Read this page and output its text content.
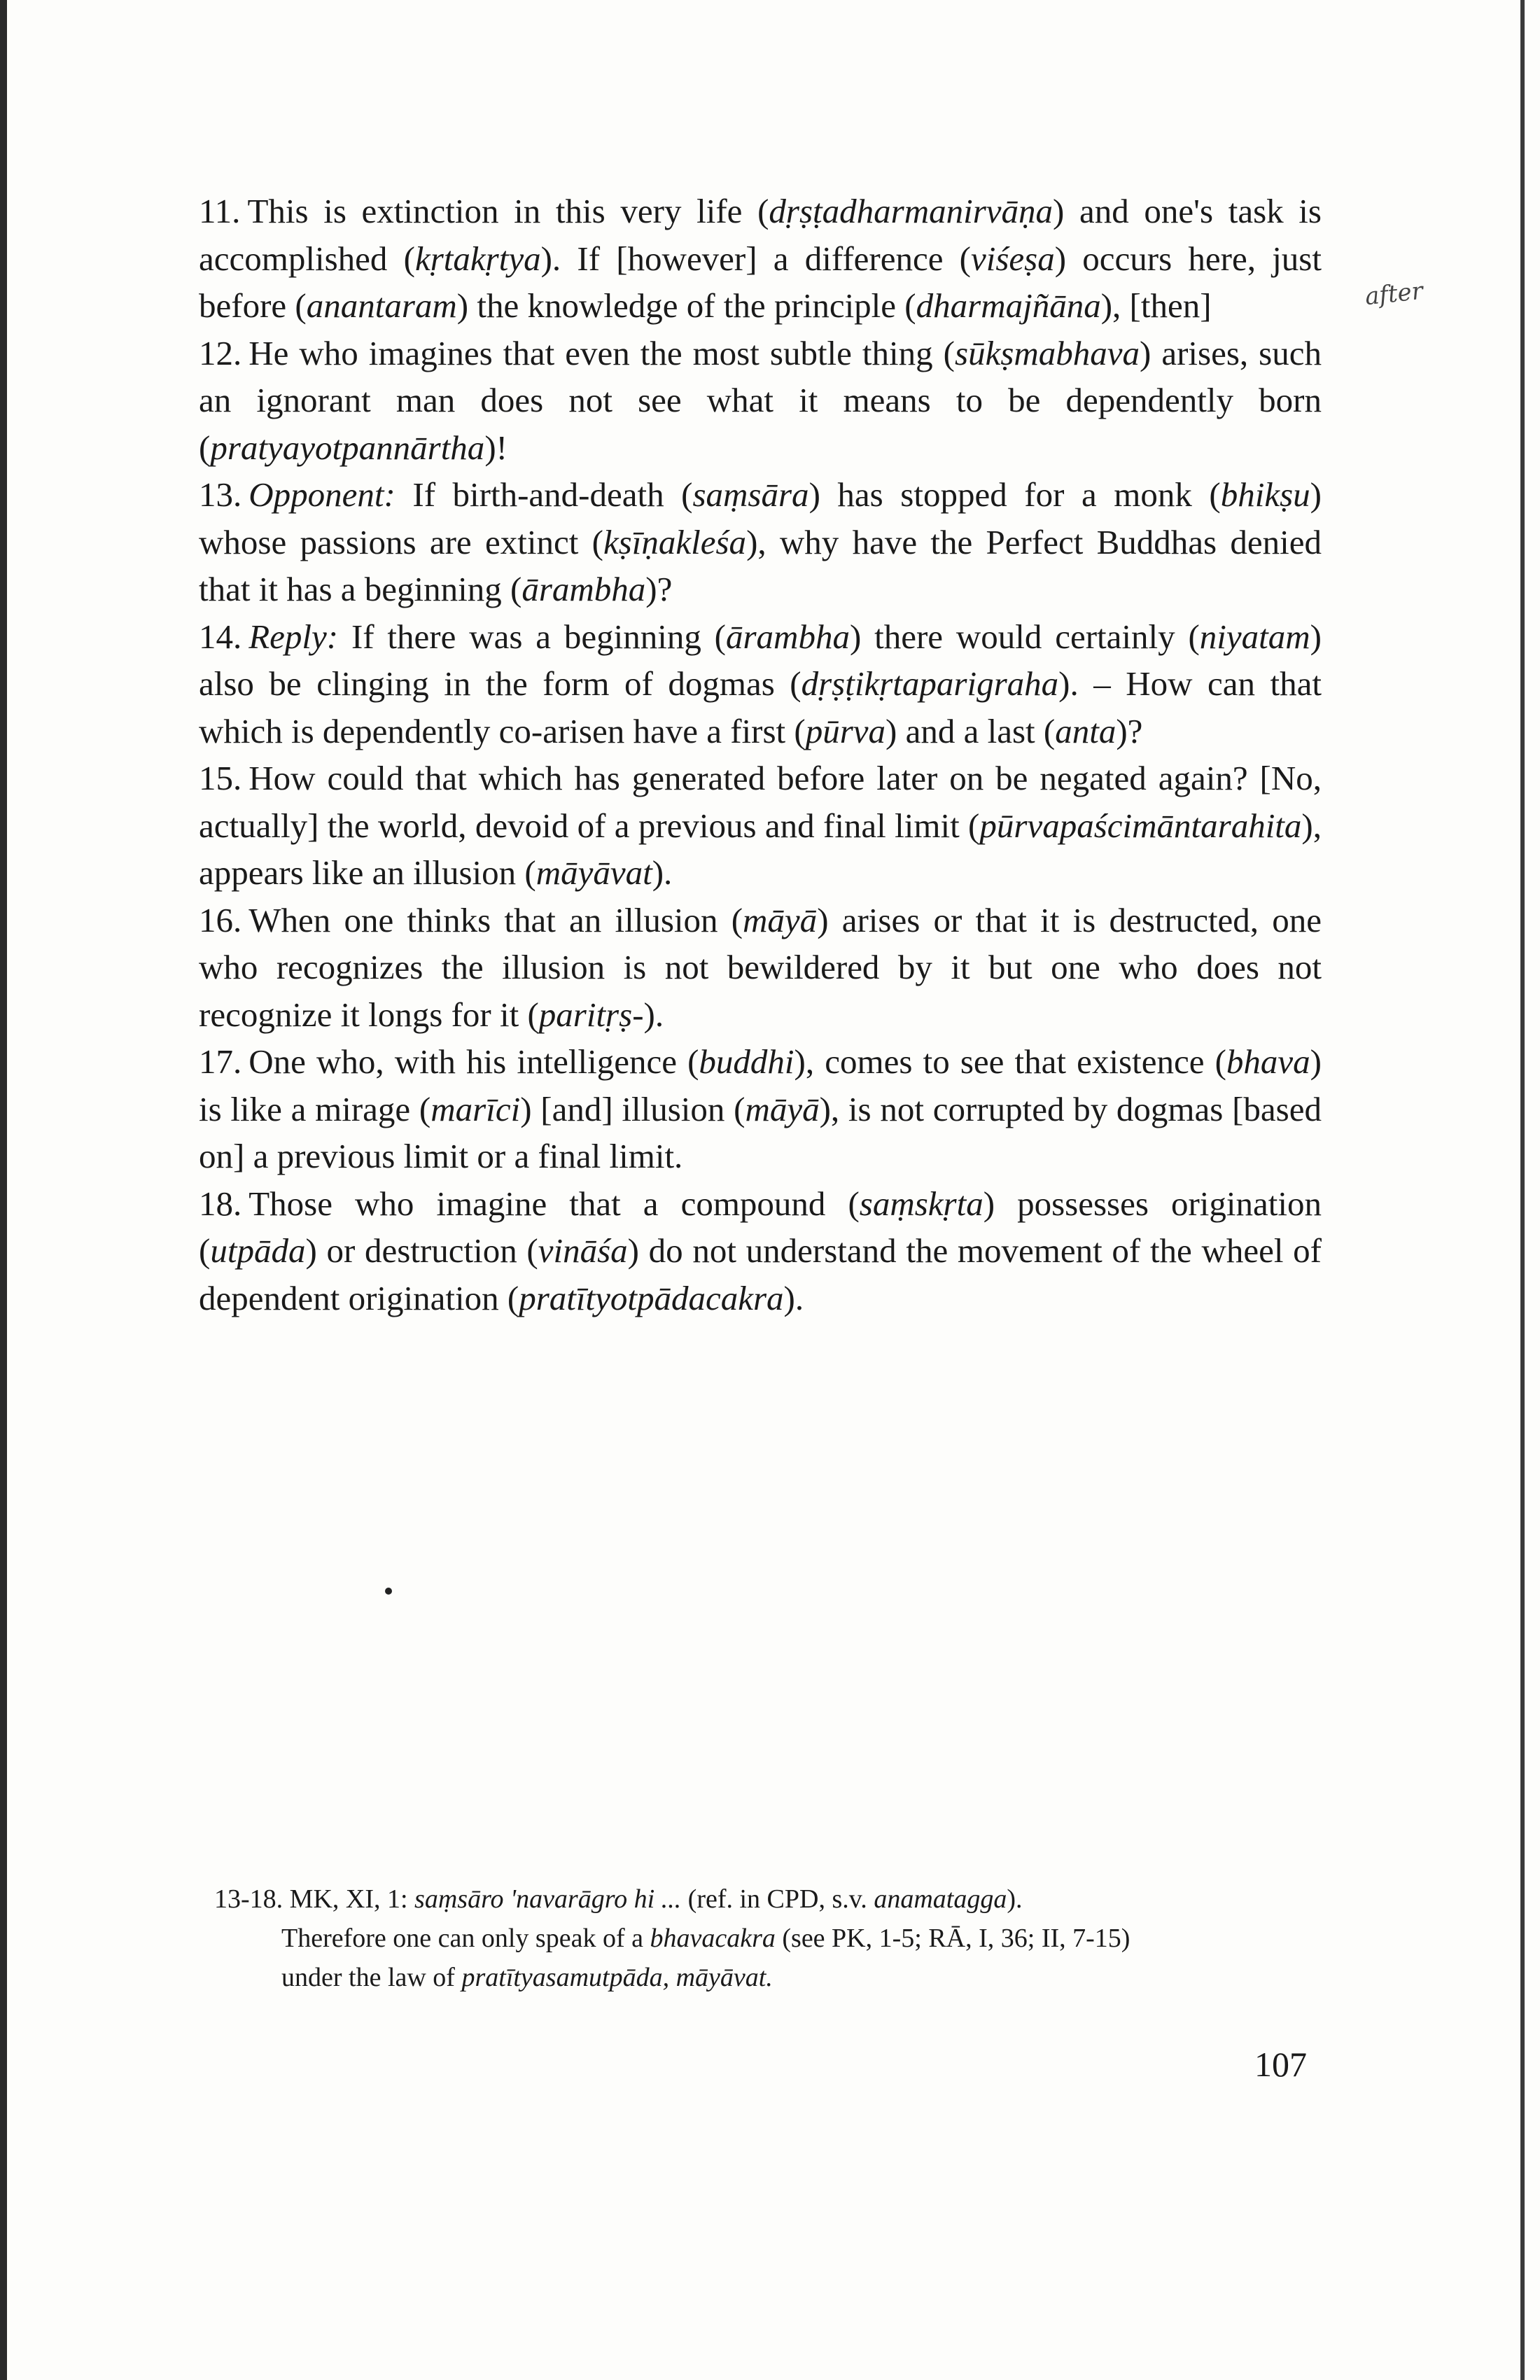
11. This is extinction in this very life (dṛṣṭadharmanirvāṇa) and one's task is accomplished (kṛtakṛtya). If [however] a difference (viśeṣa) occurs here, just before (anantaram) the knowledge of the principle (dharmajñāna), [then]

12. He who imagines that even the most subtle thing (sūkṣmabhava) arises, such an ignorant man does not see what it means to be dependently born (pratyayotpannārtha)!

13. Opponent: If birth-and-death (saṃsāra) has stopped for a monk (bhikṣu) whose passions are extinct (kṣīṇakleśa), why have the Perfect Buddhas denied that it has a beginning (ārambha)?

14. Reply: If there was a beginning (ārambha) there would certainly (niyatam) also be clinging in the form of dogmas (dṛṣṭikṛtaparigraha). – How can that which is dependently co-arisen have a first (pūrva) and a last (anta)?

15. How could that which has generated before later on be negated again? [No, actually] the world, devoid of a previous and final limit (pūrvapaścimāntarahita), appears like an illusion (māyāvat).

16. When one thinks that an illusion (māyā) arises or that it is destructed, one who recognizes the illusion is not bewildered by it but one who does not recognize it longs for it (paritṛṣ-).

17. One who, with his intelligence (buddhi), comes to see that existence (bhava) is like a mirage (marīci) [and] illusion (māyā), is not corrupted by dogmas [based on] a previous limit or a final limit.

18. Those who imagine that a compound (saṃskṛta) possesses origination (utpāda) or destruction (vināśa) do not understand the movement of the wheel of dependent origination (pratītyotpādacakra).

after
13-18. MK, XI, 1: saṃsāro 'navarāgro hi ... (ref. in CPD, s.v. anamatagga).
Therefore one can only speak of a bhavacakra (see PK, 1-5; RĀ, I, 36; II, 7-15)
under the law of pratītyasamutpāda, māyāvat.
107
